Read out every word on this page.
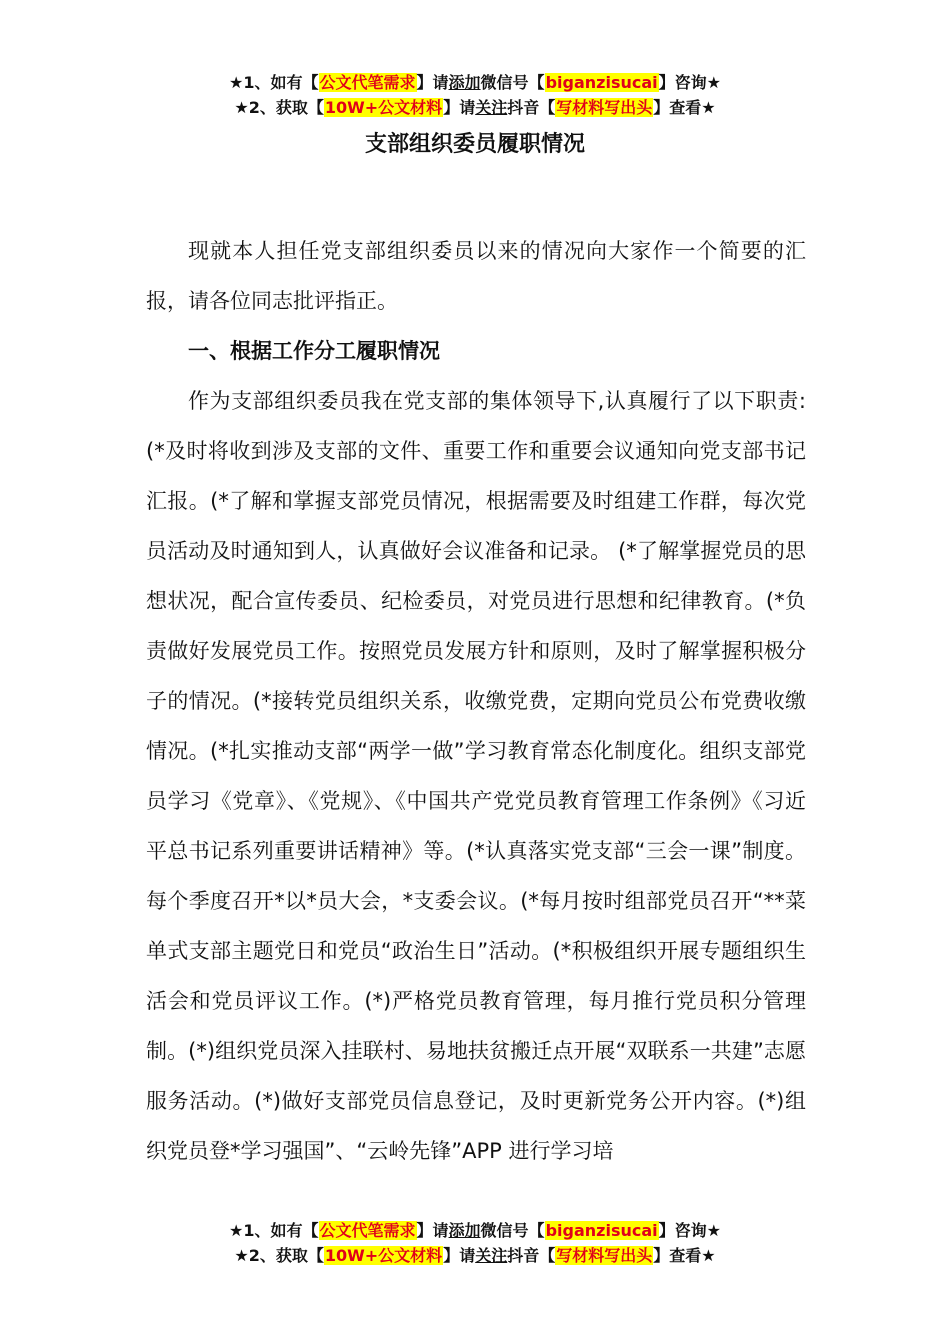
★1、如有【公文代笔需求】请添加微信号【biganzisucai】咨询★
★2、获取【10W+公文材料】请关注抖音【写材料写出头】查看★
支部组织委员履职情况

现就本人担任党支部组织委员以来的情况向大家作一个简要的汇报，请各位同志批评指正。

一、根据工作分工履职情况

作为支部组织委员我在党支部的集体领导下,认真履行了以下职责:(*及时将收到涉及支部的文件、重要工作和重要会议通知向党支部书记汇报。(*了解和掌握支部党员情况，根据需要及时组建工作群，每次党员活动及时通知到人，认真做好会议准备和记录。 (*了解掌握党员的思想状况，配合宣传委员、纪检委员，对党员进行思想和纪律教育。(*负责做好发展党员工作。按照党员发展方针和原则，及时了解掌握积极分子的情况。(*接转党员组织关系，收缴党费，定期向党员公布党费收缴情况。(*扎实推动支部“两学一做”学习教育常态化制度化。组织支部党员学习《党章》、《党规》、《中国共产党党员教育管理工作条例》《习近平总书记系列重要讲话精神》等。(*认真落实党支部“三会一课”制度。每个季度召开*以*员大会，*支委会议。(*每月按时组部党员召开“**菜单式支部主题党日和党员“政治生日”活动。(*积极组织开展专题组织生活会和党员评议工作。(*)严格党员教育管理，每月推行党员积分管理制。(*)组织党员深入挂联村、易地扶贫搬迁点开展“双联系一共建”志愿服务活动。(*)做好支部党员信息登记，及时更新党务公开内容。(*)组织党员登*学习强国”、“云岭先锋”APP 进行学习培

★1、如有【公文代笔需求】请添加微信号【biganzisucai】咨询★
★2、获取【10W+公文材料】请关注抖音【写材料写出头】查看★
